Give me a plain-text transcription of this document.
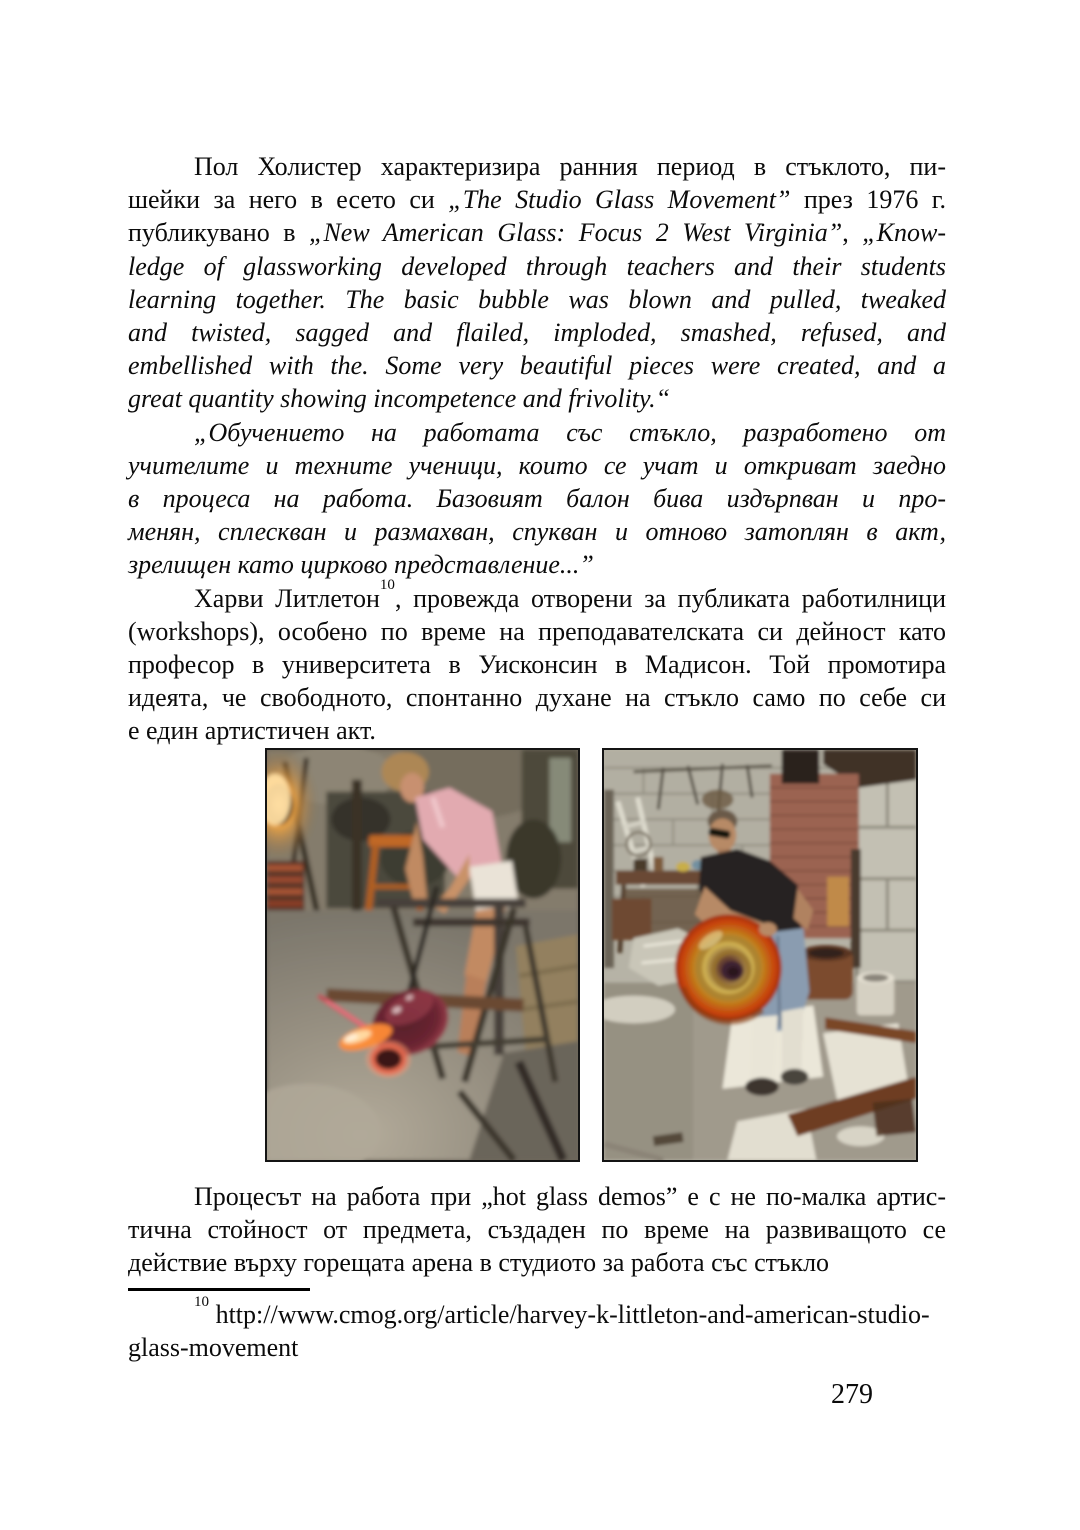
Пол Холистер характеризира ранния период в стъклото, пи-
шейки за него в есето си „The Studio Glass Movement” през 1976 г.
публикувано в „New American Glass: Focus 2 West Virginia”, „Know-
ledge of glassworking developed through teachers and their students
learning together. The basic bubble was blown and pulled, tweaked
and twisted, sagged and flailed, imploded, smashed, refused, and
embellished with the. Some very beautiful pieces were created, and a
great quantity showing incompetence and frivolity.“
„Обучението на работата със стъкло, разработено от
учителите и техните ученици, които се учат и откриват заедно
в процеса на работа. Базовият балон бива издърпван и про-
менян, сплескван и размахван, спукван и отново затоплян в акт,
зрелищен като цирково представление...”
Харви Литлетон$^{10}$, провежда отворени за публиката работилници
(workshops), особено по време на преподавателската си дейност като
професор в университета в Уисконсин в Мадисон. Той промотира
идеята, че свободното, спонтанно духане на стъкло само по себе си
е един артистичен акт.
Процесът на работа при „hot glass demos” е с не по-малка артис-
тична стойност от предмета, създаден по време на развиващото се
действие върху горещата арена в студиото за работа със стъкло
$^{10}$ http://www.cmog.org/article/harvey-k-littleton-and-american-studio-
glass-movement
279
